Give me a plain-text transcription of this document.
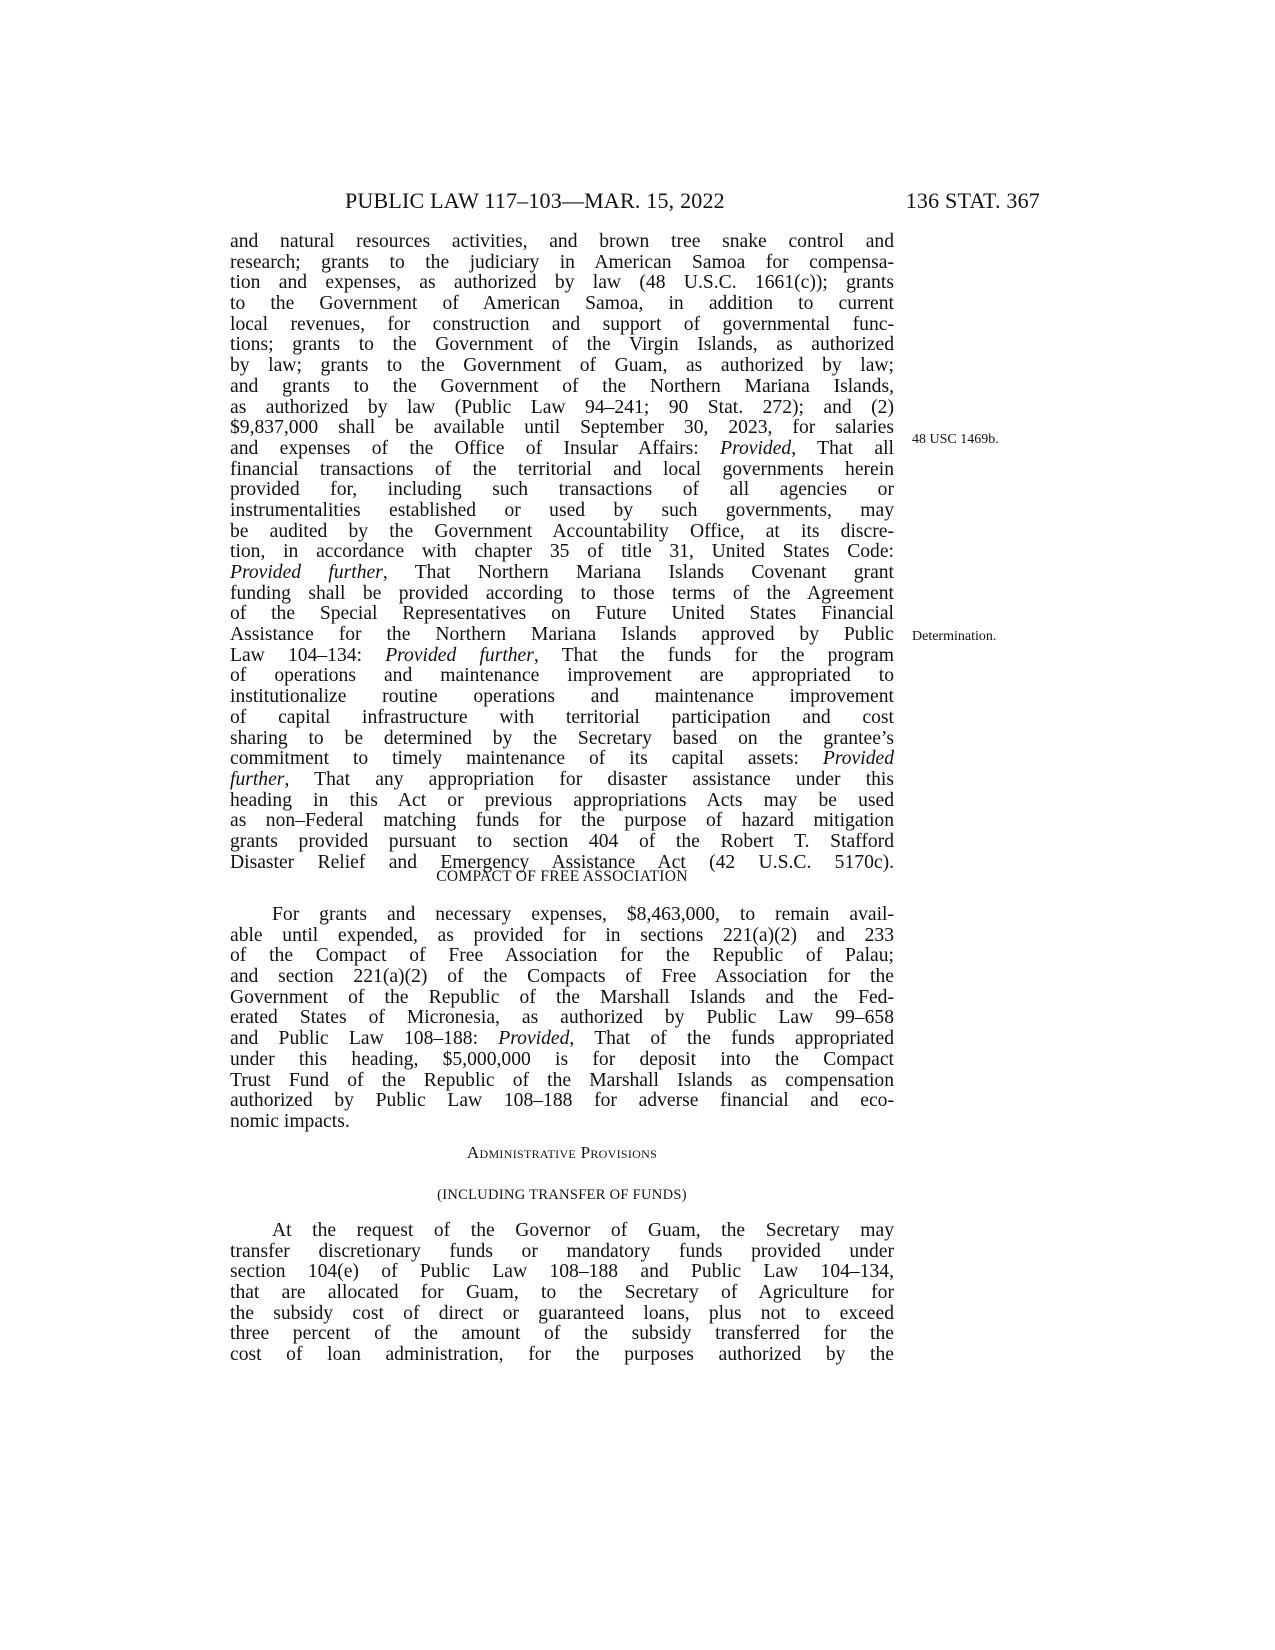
PUBLIC LAW 117–103—MAR. 15, 2022	136 STAT. 367
and natural resources activities, and brown tree snake control and
research; grants to the judiciary in American Samoa for compensa-
tion and expenses, as authorized by law (48 U.S.C. 1661(c)); grants
to the Government of American Samoa, in addition to current
local revenues, for construction and support of governmental func-
tions; grants to the Government of the Virgin Islands, as authorized
by law; grants to the Government of Guam, as authorized by law;
and grants to the Government of the Northern Mariana Islands,
as authorized by law (Public Law 94–241; 90 Stat. 272); and (2)
$9,837,000 shall be available until September 30, 2023, for salaries
and expenses of the Office of Insular Affairs: Provided, That all
financial transactions of the territorial and local governments herein
provided for, including such transactions of all agencies or
instrumentalities established or used by such governments, may
be audited by the Government Accountability Office, at its discre-
tion, in accordance with chapter 35 of title 31, United States Code:
Provided further, That Northern Mariana Islands Covenant grant
funding shall be provided according to those terms of the Agreement
of the Special Representatives on Future United States Financial
Assistance for the Northern Mariana Islands approved by Public
Law 104–134: Provided further, That the funds for the program
of operations and maintenance improvement are appropriated to
institutionalize routine operations and maintenance improvement
of capital infrastructure with territorial participation and cost
sharing to be determined by the Secretary based on the grantee’s
commitment to timely maintenance of its capital assets: Provided
further, That any appropriation for disaster assistance under this
heading in this Act or previous appropriations Acts may be used
as non–Federal matching funds for the purpose of hazard mitigation
grants provided pursuant to section 404 of the Robert T. Stafford
Disaster Relief and Emergency Assistance Act (42 U.S.C. 5170c).
48 USC 1469b.
Determination.
COMPACT OF FREE ASSOCIATION
For grants and necessary expenses, $8,463,000, to remain avail-
able until expended, as provided for in sections 221(a)(2) and 233
of the Compact of Free Association for the Republic of Palau;
and section 221(a)(2) of the Compacts of Free Association for the
Government of the Republic of the Marshall Islands and the Fed-
erated States of Micronesia, as authorized by Public Law 99–658
and Public Law 108–188: Provided, That of the funds appropriated
under this heading, $5,000,000 is for deposit into the Compact
Trust Fund of the Republic of the Marshall Islands as compensation
authorized by Public Law 108–188 for adverse financial and eco-
nomic impacts.
Administrative Provisions
(INCLUDING TRANSFER OF FUNDS)
At the request of the Governor of Guam, the Secretary may
transfer discretionary funds or mandatory funds provided under
section 104(e) of Public Law 108–188 and Public Law 104–134,
that are allocated for Guam, to the Secretary of Agriculture for
the subsidy cost of direct or guaranteed loans, plus not to exceed
three percent of the amount of the subsidy transferred for the
cost of loan administration, for the purposes authorized by the
